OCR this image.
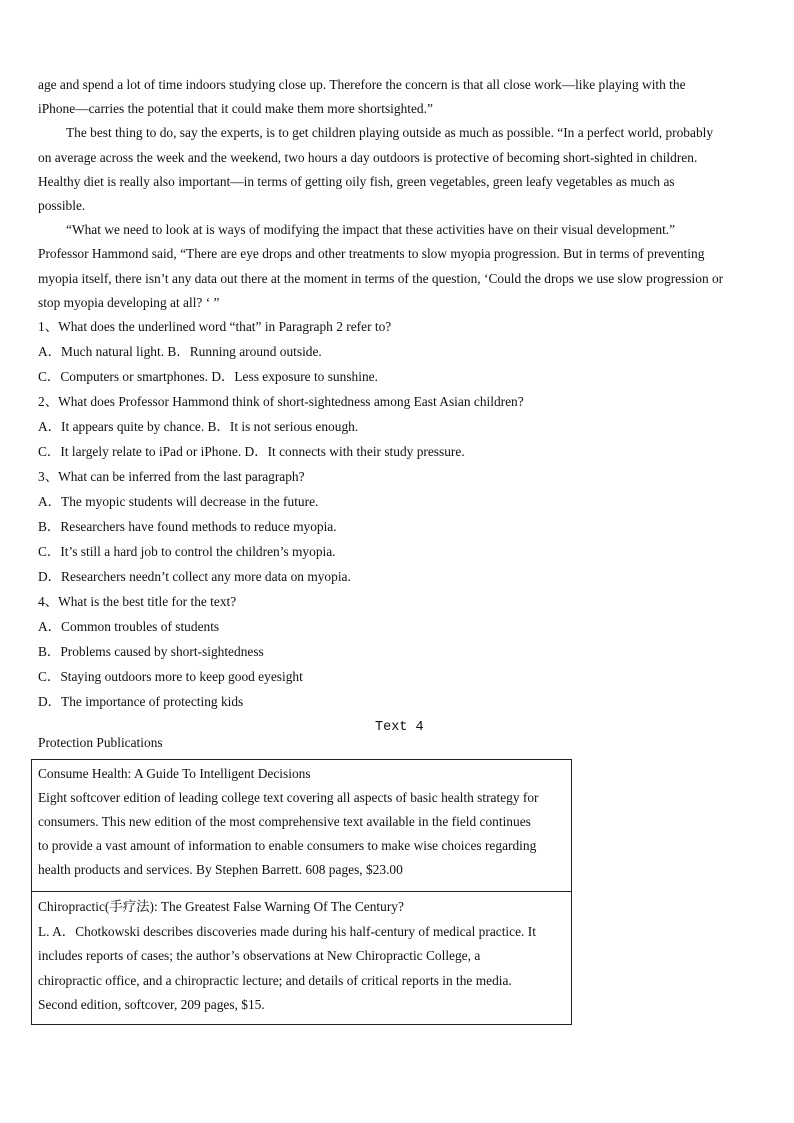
age and spend a lot of time indoors studying close up. Therefore the concern is that all close work—like playing with the
iPhone—carries the potential that it could make them more shortsighted.”
The best thing to do, say the experts, is to get children playing outside as much as possible. “In a perfect world, probably
on average across the week and the weekend, two hours a day outdoors is protective of becoming short-sighted in children.
Healthy diet is really also important—in terms of getting oily fish, green vegetables, green leafy vegetables as much as
possible.
“What we need to look at is ways of modifying the impact that these activities have on their visual development.”
Professor Hammond said, “There are eye drops and other treatments to slow myopia progression. But in terms of preventing
myopia itself, there isn’t any data out there at the moment in terms of the question, ‘Could the drops we use slow progression or
stop myopia developing at all? ‘ ”
1、What does the underlined word “that” in Paragraph 2 refer to?
A．Much natural light. B．Running around outside.
C．Computers or smartphones. D．Less exposure to sunshine.
2、What does Professor Hammond think of short-sightedness among East Asian children?
A．It appears quite by chance. B．It is not serious enough.
C．It largely relate to iPad or iPhone. D．It connects with their study pressure.
3、What can be inferred from the last paragraph?
A．The myopic students will decrease in the future.
B．Researchers have found methods to reduce myopia.
C．It’s still a hard job to control the children’s myopia.
D．Researchers needn’t collect any more data on myopia.
4、What is the best title for the text?
A．Common troubles of students
B．Problems caused by short-sightedness
C．Staying outdoors more to keep good eyesight
D．The importance of protecting kids
Text 4
Protection Publications
Consume Health: A Guide To Intelligent Decisions
Eight softcover edition of leading college text covering all aspects of basic health strategy for
consumers. This new edition of the most comprehensive text available in the field continues
to provide a vast amount of information to enable consumers to make wise choices regarding
health products and services. By Stephen Barrett. 608 pages, $23.00
Chiropractic(手疗法): The Greatest False Warning Of The Century?
L. A．Chotkowski describes discoveries made during his half-century of medical practice. It
includes reports of cases; the author’s observations at New Chiropractic College, a
chiropractic office, and a chiropractic lecture; and details of critical reports in the media.
Second edition, softcover, 209 pages, $15.
